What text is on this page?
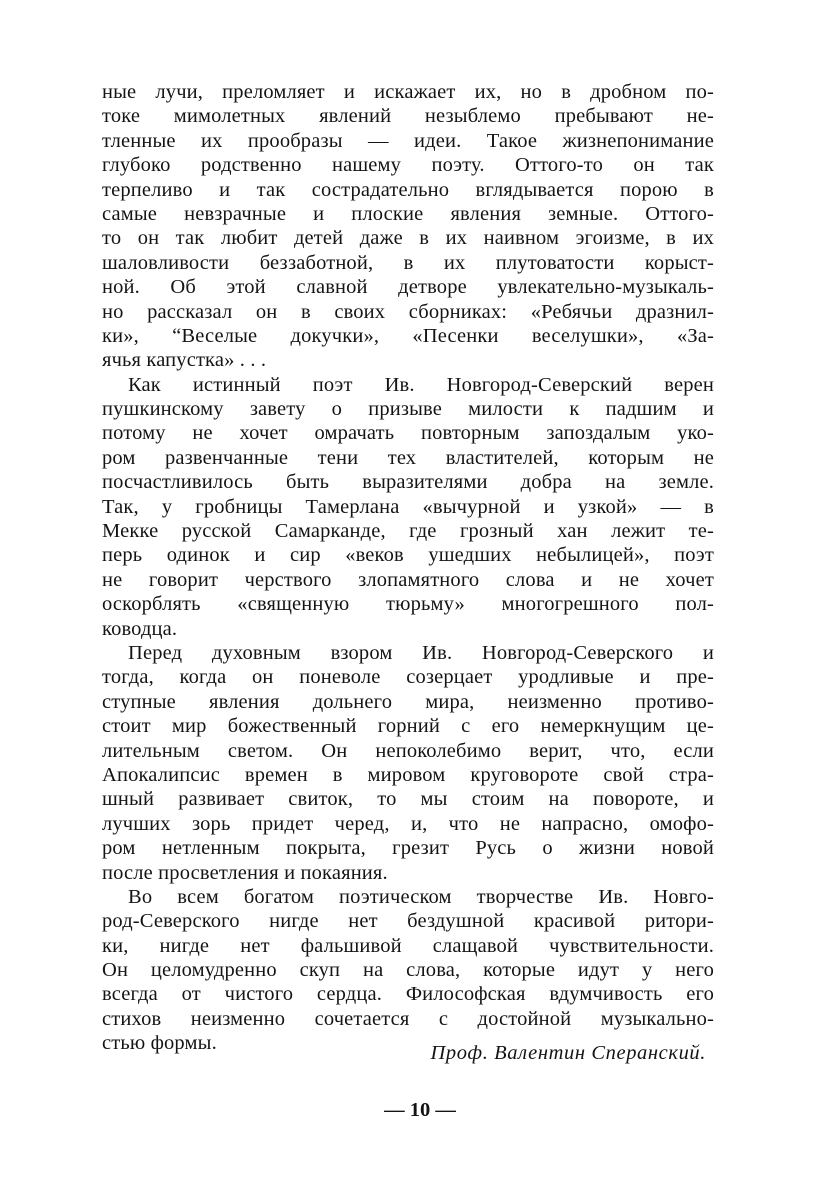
ные лучи, преломляет и искажает их, но в дробном по-
токе мимолетных явлений незыблемо пребывают не-
тленные их прообразы — идеи. Такое жизнепонимание
глубоко родственно нашему поэту. Оттого-то он так
терпеливо и так сострадательно вглядывается порою в
самые невзрачные и плоские явления земные. Оттого-
то он так любит детей даже в их наивном эгоизме, в их
шаловливости беззаботной, в их плутоватости корыст-
ной. Об этой славной детворе увлекательно-музыкаль-
но рассказал он в своих сборниках: «Ребячьи дразнил-
ки», “Веселые докучки», «Песенки веселушки», «За-
ячья капустка» . . .
Как истинный поэт Ив. Новгород-Северский верен
пушкинскому завету о призыве милости к падшим и
потому не хочет омрачать повторным запоздалым уко-
ром развенчанные тени тех властителей, которым не
посчастливилось быть выразителями добра на земле.
Так, у гробницы Тамерлана «вычурной и узкой» — в
Мекке русской Самарканде, где грозный хан лежит те-
перь одинок и сир «веков ушедших небылицей», поэт
не говорит черствого злопамятного слова и не хочет
оскорблять «священную тюрьму» многогрешного пол-
ководца.
Перед духовным взором Ив. Новгород-Северского и
тогда, когда он поневоле созерцает уродливые и пре-
ступные явления дольнего мира, неизменно противо-
стоит мир божественный горний с его немеркнущим це-
лительным светом. Он непоколебимо верит, что, если
Апокалипсис времен в мировом круговороте свой стра-
шный развивает свиток, то мы стоим на повороте, и
лучших зорь придет черед, и, что не напрасно, омофо-
ром нетленным покрыта, грезит Русь о жизни новой
после просветления и покаяния.
Во всем богатом поэтическом творчестве Ив. Новго-
род-Северского нигде нет бездушной красивой ритори-
ки, нигде нет фальшивой слащавой чувствительности.
Он целомудренно скуп на слова, которые идут у него
всегда от чистого сердца. Философская вдумчивость его
стихов неизменно сочетается с достойной музыкально-
стью формы.	Проф. Валентин Сперанский.
— 10 —
